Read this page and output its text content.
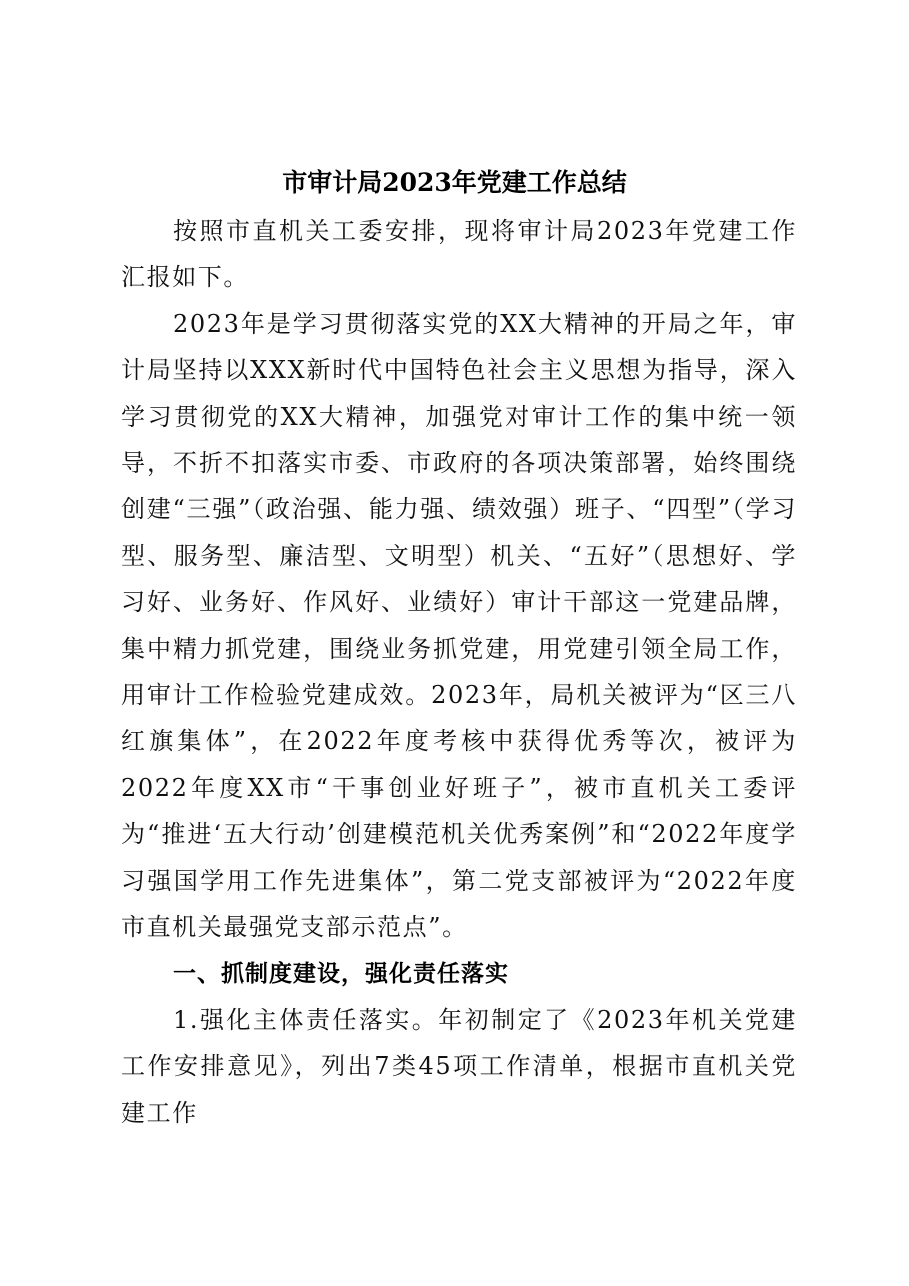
市审计局2023年党建工作总结

按照市直机关工委安排，现将审计局2023年党建工作汇报如下。

2023年是学习贯彻落实党的XX大精神的开局之年，审计局坚持以XXX新时代中国特色社会主义思想为指导，深入学习贯彻党的XX大精神，加强党对审计工作的集中统一领导，不折不扣落实市委、市政府的各项决策部署，始终围绕创建“三强”（政治强、能力强、绩效强）班子、“四型”（学习型、服务型、廉洁型、文明型）机关、“五好”（思想好、学习好、业务好、作风好、业绩好）审计干部这一党建品牌，集中精力抓党建，围绕业务抓党建，用党建引领全局工作，用审计工作检验党建成效。2023年，局机关被评为“区三八红旗集体”，在2022年度考核中获得优秀等次，被评为2022年度XX市“干事创业好班子”，被市直机关工委评为“推进‘五大行动’创建模范机关优秀案例”和“2022年度学习强国学用工作先进集体”，第二党支部被评为“2022年度市直机关最强党支部示范点”。

一、抓制度建设，强化责任落实

1.强化主体责任落实。年初制定了《2023年机关党建工作安排意见》，列出7类45项工作清单，根据市直机关党建工作
